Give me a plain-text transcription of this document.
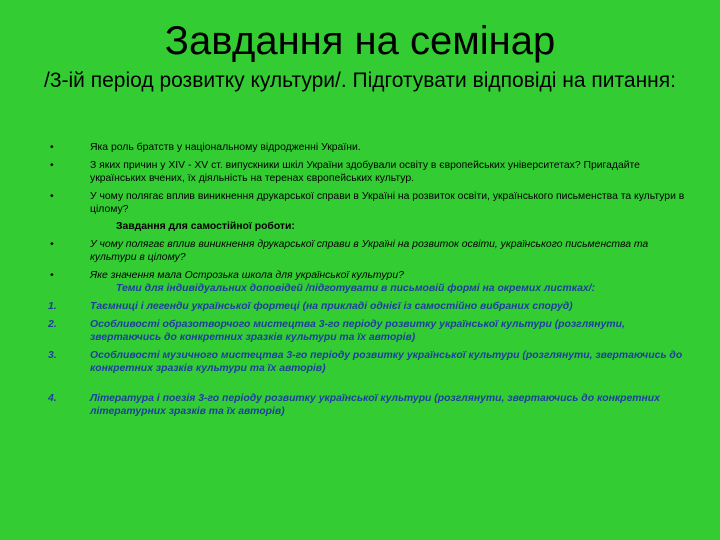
Завдання на семінар
/3-ій період розвитку культури/. Підготувати відповіді на питання:
•	Яка роль братств у національному відродженні України.
•	З яких причин у XIV - XV ст. випускники шкіл України здобували освіту в європейських університетах? Пригадайте українських вчених, їх діяльність на теренах європейських культур.
•	У чому полягає вплив виникнення друкарської справи в Україні на розвиток освіти, українського письменства та культури в цілому?
Завдання для самостійної роботи:
•	У чому полягає вплив виникнення друкарської справи в Україні на розвиток освіти, українського письменства та культури в цілому?
•	Яке значення мала Острозька школа для української культури?
Теми для індивідуальних доповідей /підготувати в письмовій формі на окремих листках/:
1.	Таємниці і легенди української фортеці (на прикладі однієї із самостійно вибраних споруд)
2.	Особливості образотворчого мистецтва 3-го періоду розвитку української культури (розглянути, звертаючись до конкретних зразків культури та їх авторів)
3.	Особливості музичного мистецтва 3-го періоду розвитку української культури (розглянути, звертаючись до конкретних зразків культури та їх авторів)
4.	Література і поезія 3-го періоду розвитку української культури (розглянути, звертаючись до конкретних літературних зразків та їх авторів)
